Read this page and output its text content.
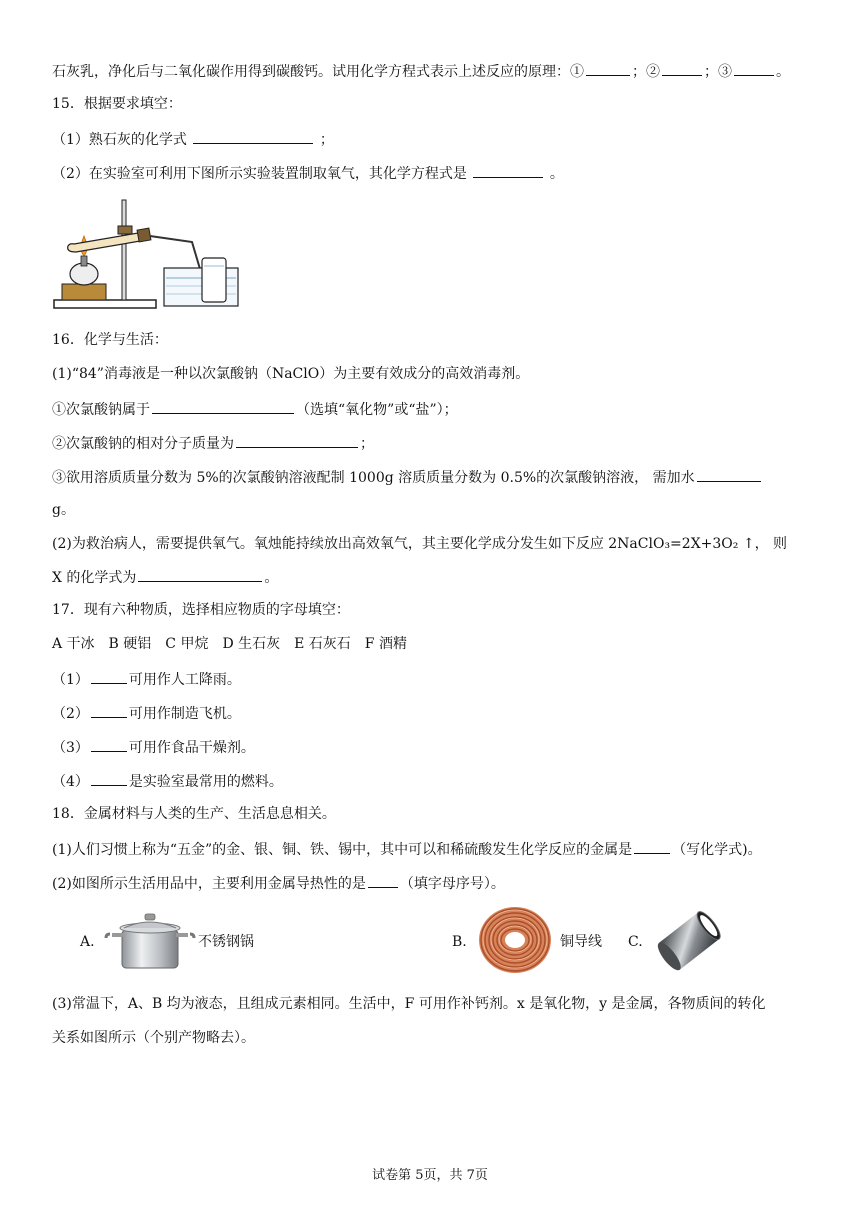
石灰乳，净化后与二氧化碳作用得到碳酸钙。试用化学方程式表示上述反应的原理：①	；②	；③	。
15．根据要求填空：
（1）熟石灰的化学式	；
（2）在实验室可利用下图所示实验装置制取氧气，其化学方程式是	。
16．化学与生活：
(1)“84”消毒液是一种以次氯酸钠（NaClO）为主要有效成分的高效消毒剂。
①次氯酸钠属于	（选填“氧化物”或“盐”）；
②次氯酸钠的相对分子质量为	；
③欲用溶质质量分数为 5%的次氯酸钠溶液配制 1000g 溶质质量分数为 0.5%的次氯酸钠溶液， 需加水
g。
(2)为救治病人，需要提供氧气。氧烛能持续放出高效氧气，其主要化学成分发生如下反应 2NaClO₃=2X+3O₂ ↑， 则
X 的化学式为	。
17．现有六种物质，选择相应物质的字母填空：
A 干冰　B 硬铝　C 甲烷　D 生石灰　E 石灰石　F 酒精
（1）	可用作人工降雨。
（2）	可用作制造飞机。
（3）	可用作食品干燥剂。
（4）	是实验室最常用的燃料。
18．金属材料与人类的生产、生活息息相关。
(1)人们习惯上称为“五金”的金、银、铜、铁、锡中，其中可以和稀硫酸发生化学反应的金属是	（写化学式)。
(2)如图所示生活用品中，主要利用金属导热性的是 （填字母序号）。
A.	不锈钢锅	B.	铜导线 C.
(3)常温下，A、B 均为液态，且组成元素相同。生活中，F 可用作补钙剂。x 是氧化物，y 是金属，各物质间的转化
关系如图所示（个别产物略去）。
试卷第 5页，共 7页
